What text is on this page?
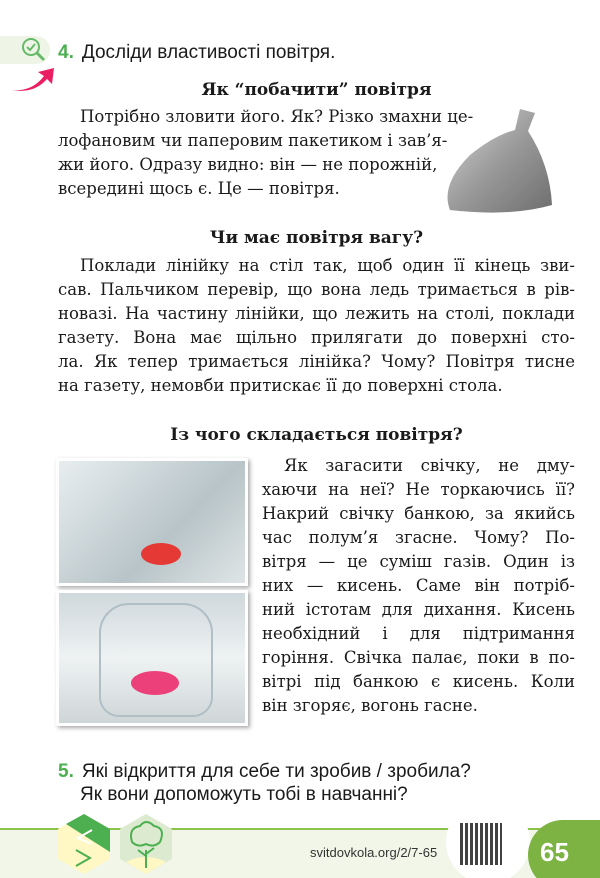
4. Досліди властивості повітря.
Як “побачити” повітря
Потрібно зловити його. Як? Різко змахни це-
лофановим чи паперовим пакетиком і зав’я-
жи його. Одразу видно: він — не порожній,
всередині щось є. Це — повітря.
Чи має повітря вагу?
Поклади лінійку на стіл так, щоб один її кінець зви-
сав. Пальчиком перевір, що вона ледь тримається в рів-
новазі. На частину лінійки, що лежить на столі, поклади
газету. Вона має щільно прилягати до поверхні сто-
ла. Як тепер тримається лінійка? Чому? Повітря тисне
на газету, немовби притискає її до поверхні стола.
Із чого складається повітря?
Як загасити свічку, не дму-
хаючи на неї? Не торкаючись її?
Накрий свічку банкою, за якийсь
час полум’я згасне. Чому? По-
вітря — це суміш газів. Один із
них — кисень. Саме він потріб-
ний істотам для дихання. Кисень
необхідний і для підтримання
горіння. Свічка палає, поки в по-
вітрі під банкою є кисень. Коли
він згоряє, вогонь гасне.
5. Які відкриття для себе ти зробив / зробила?
Як вони допоможуть тобі в навчанні?
svitdovkola.org/2/7-65	65
